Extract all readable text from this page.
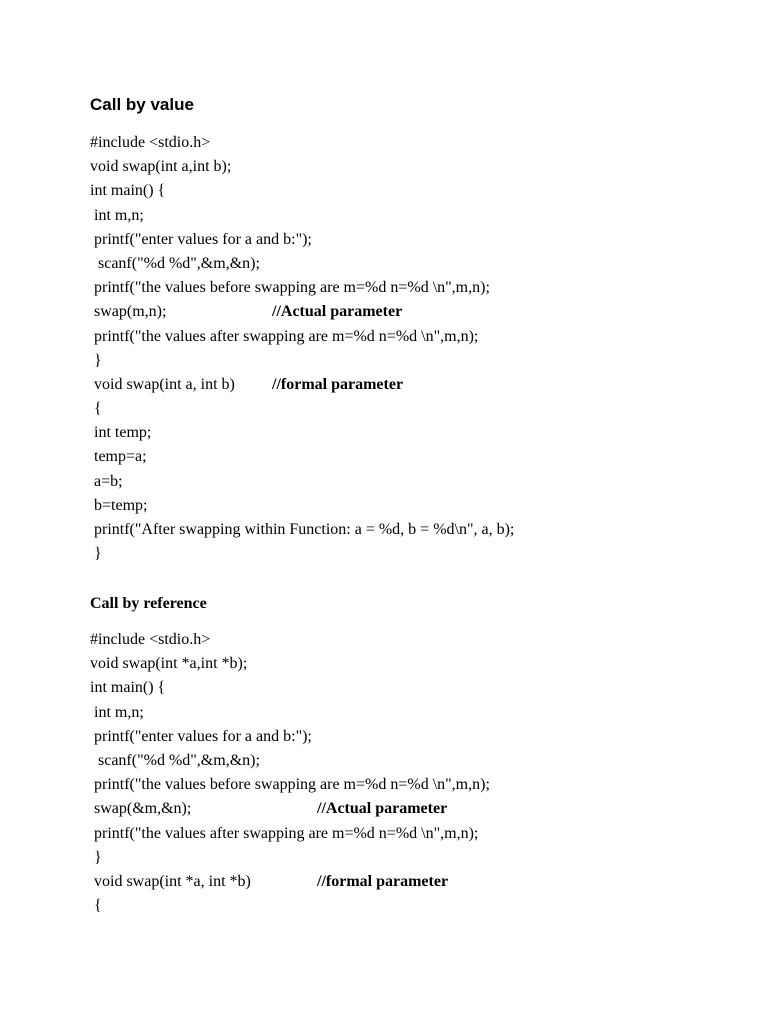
Call by value
#include <stdio.h>
void swap(int a,int b);
int main() {
int m,n;
printf("enter values for a and b:");
scanf("%d %d",&m,&n);
printf("the values before swapping are m=%d n=%d \n",m,n);
swap(m,n);	//Actual parameter
printf("the values after swapping are m=%d n=%d \n",m,n);
}
void swap(int a, int b) //formal parameter
{
int temp;
temp=a;
a=b;
b=temp;
printf("After swapping within Function: a = %d, b = %d\n", a, b);
}
Call by reference
#include <stdio.h>
void swap(int *a,int *b);
int main() {
int m,n;
printf("enter values for a and b:");
scanf("%d %d",&m,&n);
printf("the values before swapping are m=%d n=%d \n",m,n);
swap(&m,&n);	//Actual parameter
printf("the values after swapping are m=%d n=%d \n",m,n);
}
void swap(int *a, int *b)	//formal parameter
{
